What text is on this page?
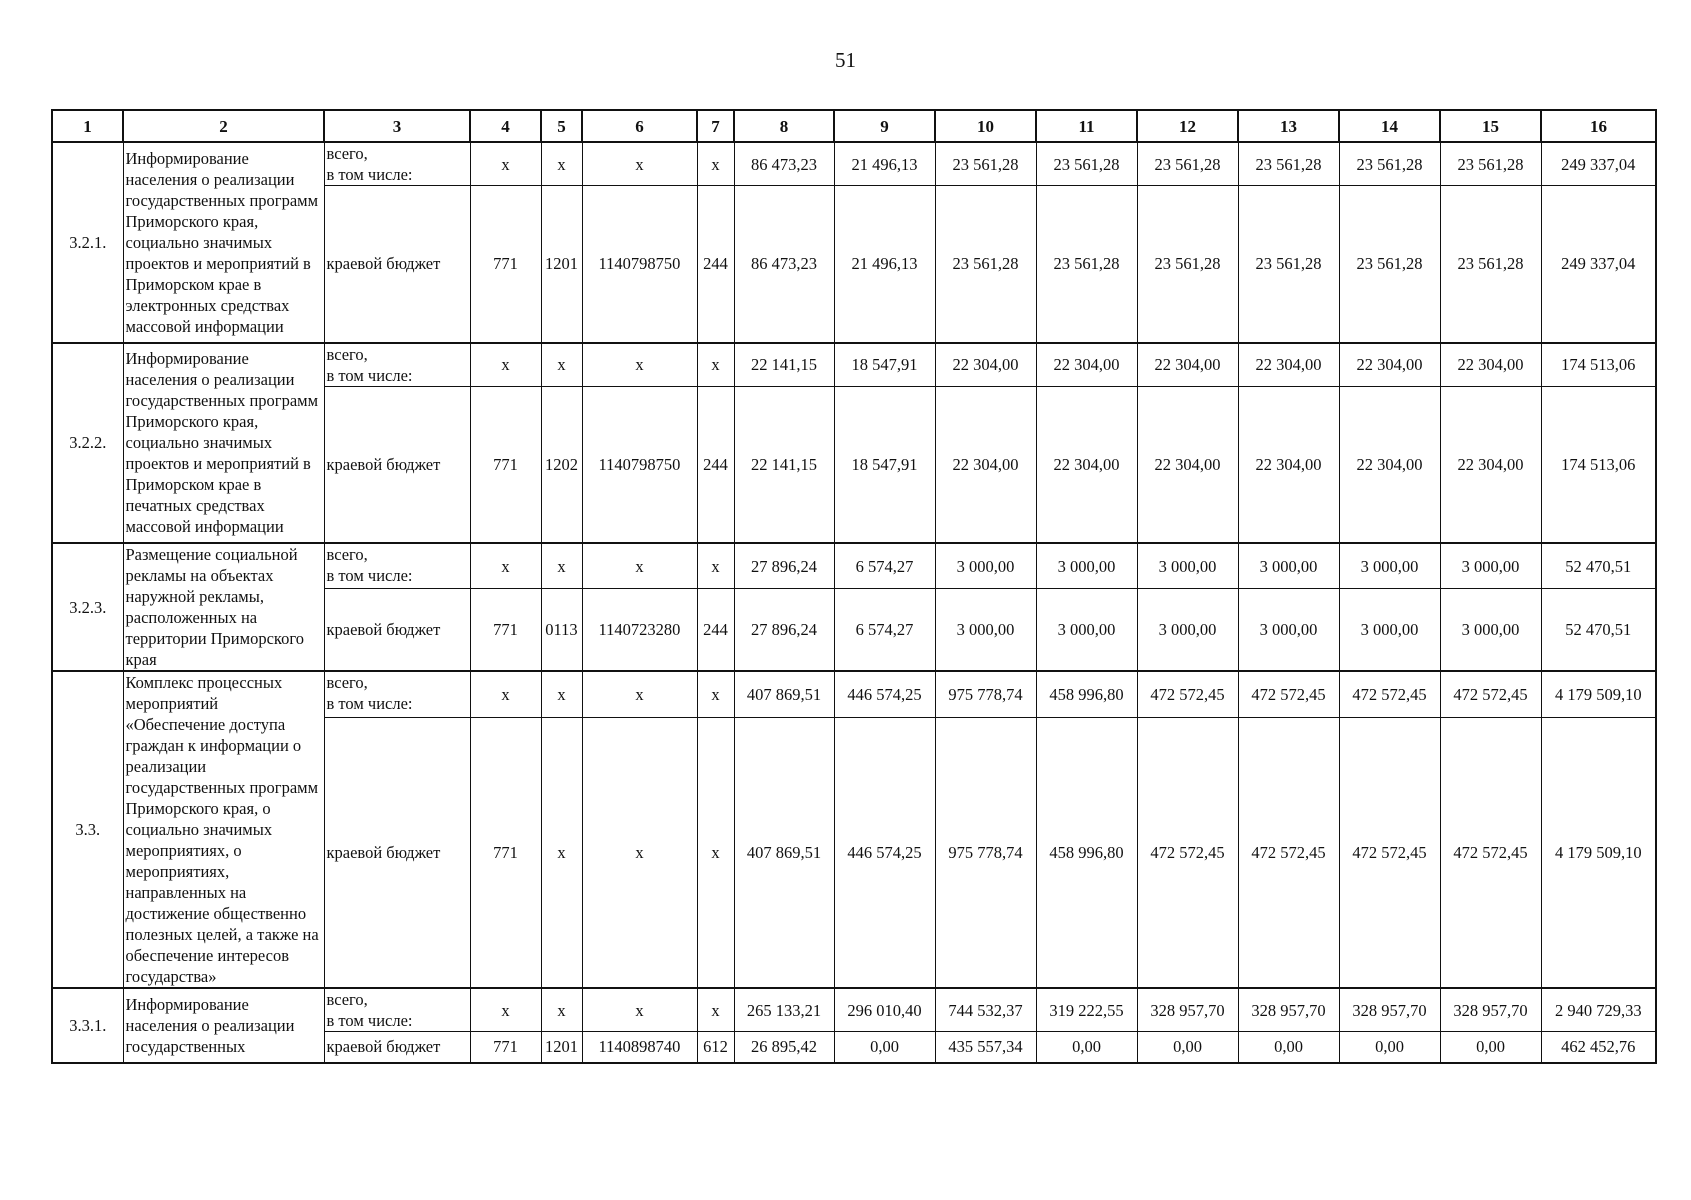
51
1	2	3	4	5	6	7	8	9	10	11	12	13	14	15	16
3.2.1.	Информирование населения о реализации государственных программ Приморского края, социально значимых проектов и мероприятий в Приморском крае в электронных средствах массовой информации	всего,
в том числе:	x	x	x	x	86 473,23	21 496,13	23 561,28	23 561,28	23 561,28	23 561,28	23 561,28	23 561,28	249 337,04
		краевой бюджет	771	1201	1140798750	244	86 473,23	21 496,13	23 561,28	23 561,28	23 561,28	23 561,28	23 561,28	23 561,28	249 337,04
3.2.2.	Информирование населения о реализации государственных программ Приморского края, социально значимых проектов и мероприятий в Приморском крае в печатных средствах массовой информации	всего,
в том числе:	x	x	x	x	22 141,15	18 547,91	22 304,00	22 304,00	22 304,00	22 304,00	22 304,00	22 304,00	174 513,06
		краевой бюджет	771	1202	1140798750	244	22 141,15	18 547,91	22 304,00	22 304,00	22 304,00	22 304,00	22 304,00	22 304,00	174 513,06
3.2.3.	Размещение социальной рекламы на объектах наружной рекламы, расположенных на территории Приморского края	всего,
в том числе:	x	x	x	x	27 896,24	6 574,27	3 000,00	3 000,00	3 000,00	3 000,00	3 000,00	3 000,00	52 470,51
		краевой бюджет	771	0113	1140723280	244	27 896,24	6 574,27	3 000,00	3 000,00	3 000,00	3 000,00	3 000,00	3 000,00	52 470,51
3.3.	Комплекс процессных мероприятий «Обеспечение доступа граждан к информации о реализации государственных программ Приморского края, о социально значимых мероприятиях, о мероприятиях, направленных на достижение общественно полезных целей, а также на обеспечение интересов государства»	всего,
в том числе:	x	x	x	x	407 869,51	446 574,25	975 778,74	458 996,80	472 572,45	472 572,45	472 572,45	472 572,45	4 179 509,10
		краевой бюджет	771	x	x	x	407 869,51	446 574,25	975 778,74	458 996,80	472 572,45	472 572,45	472 572,45	472 572,45	4 179 509,10
3.3.1.	Информирование населения о реализации государственных	всего,
в том числе:	x	x	x	x	265 133,21	296 010,40	744 532,37	319 222,55	328 957,70	328 957,70	328 957,70	328 957,70	2 940 729,33
		краевой бюджет	771	1201	1140898740	612	26 895,42	0,00	435 557,34	0,00	0,00	0,00	0,00	0,00	462 452,76
